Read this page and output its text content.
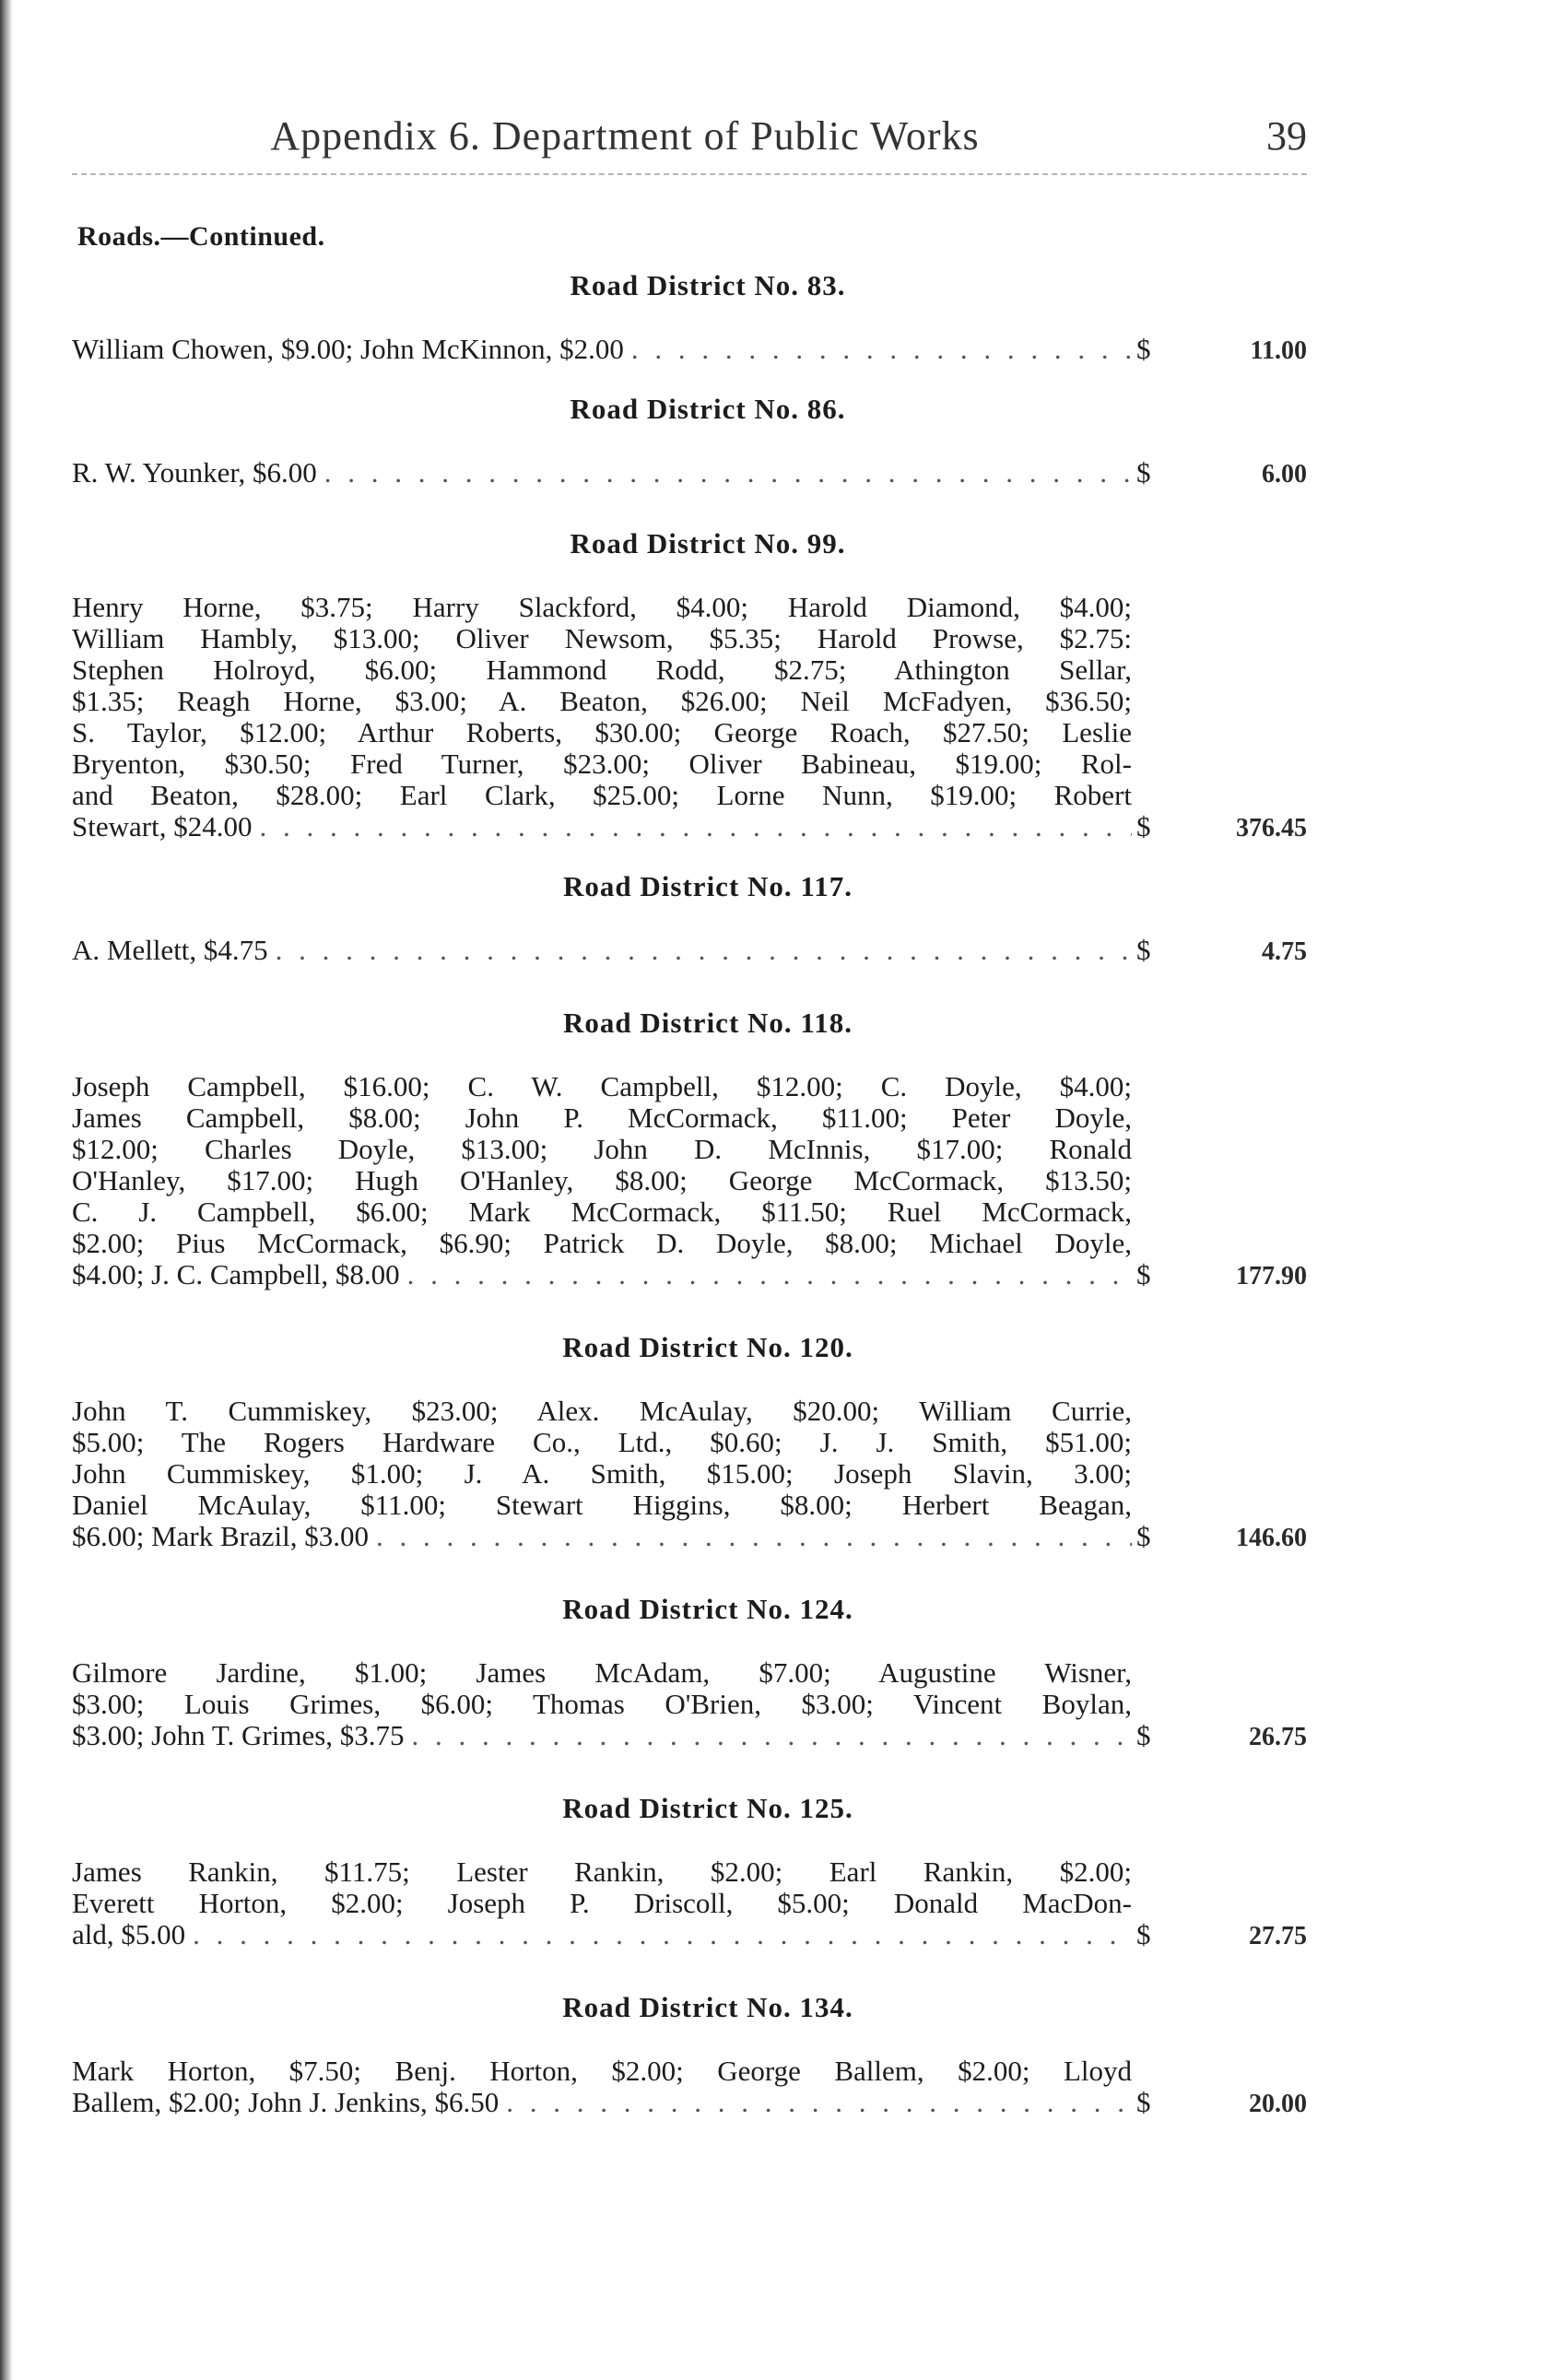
Appendix 6. Department of Public Works	39
Roads.—Continued.
Road District No. 83.
William Chowen, $9.00; John McKinnon, $2.00 . . .	$	11.00
Road District No. 86.
R. W. Younker, $6.00 . . .	$	6.00
Road District No. 99.
Henry Horne, $3.75; Harry Slackford, $4.00; Harold Diamond, $4.00;
William Hambly, $13.00; Oliver Newsom, $5.35; Harold Prowse, $2.75:
Stephen Holroyd, $6.00; Hammond Rodd, $2.75; Athington Sellar,
$1.35; Reagh Horne, $3.00; A. Beaton, $26.00; Neil McFadyen, $36.50;
S. Taylor, $12.00; Arthur Roberts, $30.00; George Roach, $27.50; Leslie
Bryenton, $30.50; Fred Turner, $23.00; Oliver Babineau, $19.00; Rol-
and Beaton, $28.00; Earl Clark, $25.00; Lorne Nunn, $19.00; Robert
Stewart, $24.00 . . .	$	376.45
Road District No. 117.
A. Mellett, $4.75 . . .	$	4.75
Road District No. 118.
Joseph Campbell, $16.00; C. W. Campbell, $12.00; C. Doyle, $4.00;
James Campbell, $8.00; John P. McCormack, $11.00; Peter Doyle,
$12.00; Charles Doyle, $13.00; John D. McInnis, $17.00; Ronald
O'Hanley, $17.00; Hugh O'Hanley, $8.00; George McCormack, $13.50;
C. J. Campbell, $6.00; Mark McCormack, $11.50; Ruel McCormack,
$2.00; Pius McCormack, $6.90; Patrick D. Doyle, $8.00; Michael Doyle,
$4.00; J. C. Campbell, $8.00 . . .	$	177.90
Road District No. 120.
John T. Cummiskey, $23.00; Alex. McAulay, $20.00; William Currie,
$5.00; The Rogers Hardware Co., Ltd., $0.60; J. J. Smith, $51.00;
John Cummiskey, $1.00; J. A. Smith, $15.00; Joseph Slavin, 3.00;
Daniel McAulay, $11.00; Stewart Higgins, $8.00; Herbert Beagan,
$6.00; Mark Brazil, $3.00 . . .	$	146.60
Road District No. 124.
Gilmore Jardine, $1.00; James McAdam, $7.00; Augustine Wisner,
$3.00; Louis Grimes, $6.00; Thomas O'Brien, $3.00; Vincent Boylan,
$3.00; John T. Grimes, $3.75 . . .	$	26.75
Road District No. 125.
James Rankin, $11.75; Lester Rankin, $2.00; Earl Rankin, $2.00;
Everett Horton, $2.00; Joseph P. Driscoll, $5.00; Donald MacDon-
ald, $5.00 . . .	$	27.75
Road District No. 134.
Mark Horton, $7.50; Benj. Horton, $2.00; George Ballem, $2.00; Lloyd
Ballem, $2.00; John J. Jenkins, $6.50 . . .	$	20.00
